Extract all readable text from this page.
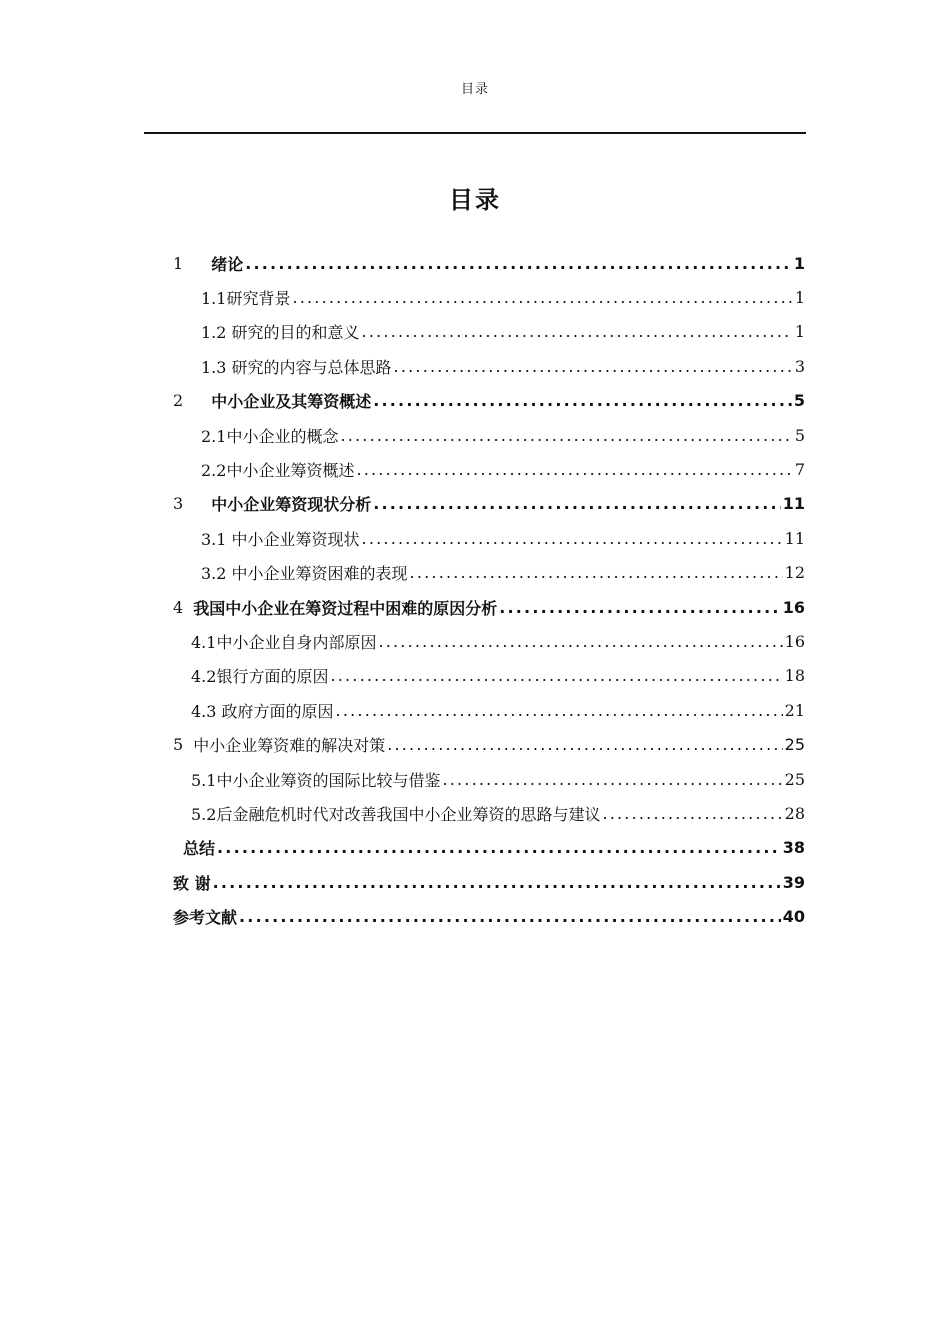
目录
目录
1 绪论 .....	1
1.1研究背景 .....	1
1.2 研究的目的和意义 .....	1
1.3 研究的内容与总体思路 .....	3
2 中小企业及其筹资概述 .....	5
2.1中小企业的概念 .....	5
2.2中小企业筹资概述 .....	7
3 中小企业筹资现状分析 .....	11
3.1 中小企业筹资现状 .....	11
3.2 中小企业筹资困难的表现 .....	12
4 我国中小企业在筹资过程中困难的原因分析 .....	16
4.1中小企业自身内部原因 .....	16
4.2银行方面的原因 .....	18
4.3 政府方面的原因 .....	21
5 中小企业筹资难的解决对策 .....	25
5.1中小企业筹资的国际比较与借鉴 .....	25
5.2后金融危机时代对改善我国中小企业筹资的思路与建议 .....	28
总结 .....	38
致 谢 .....	39
参考文献 .....	40
